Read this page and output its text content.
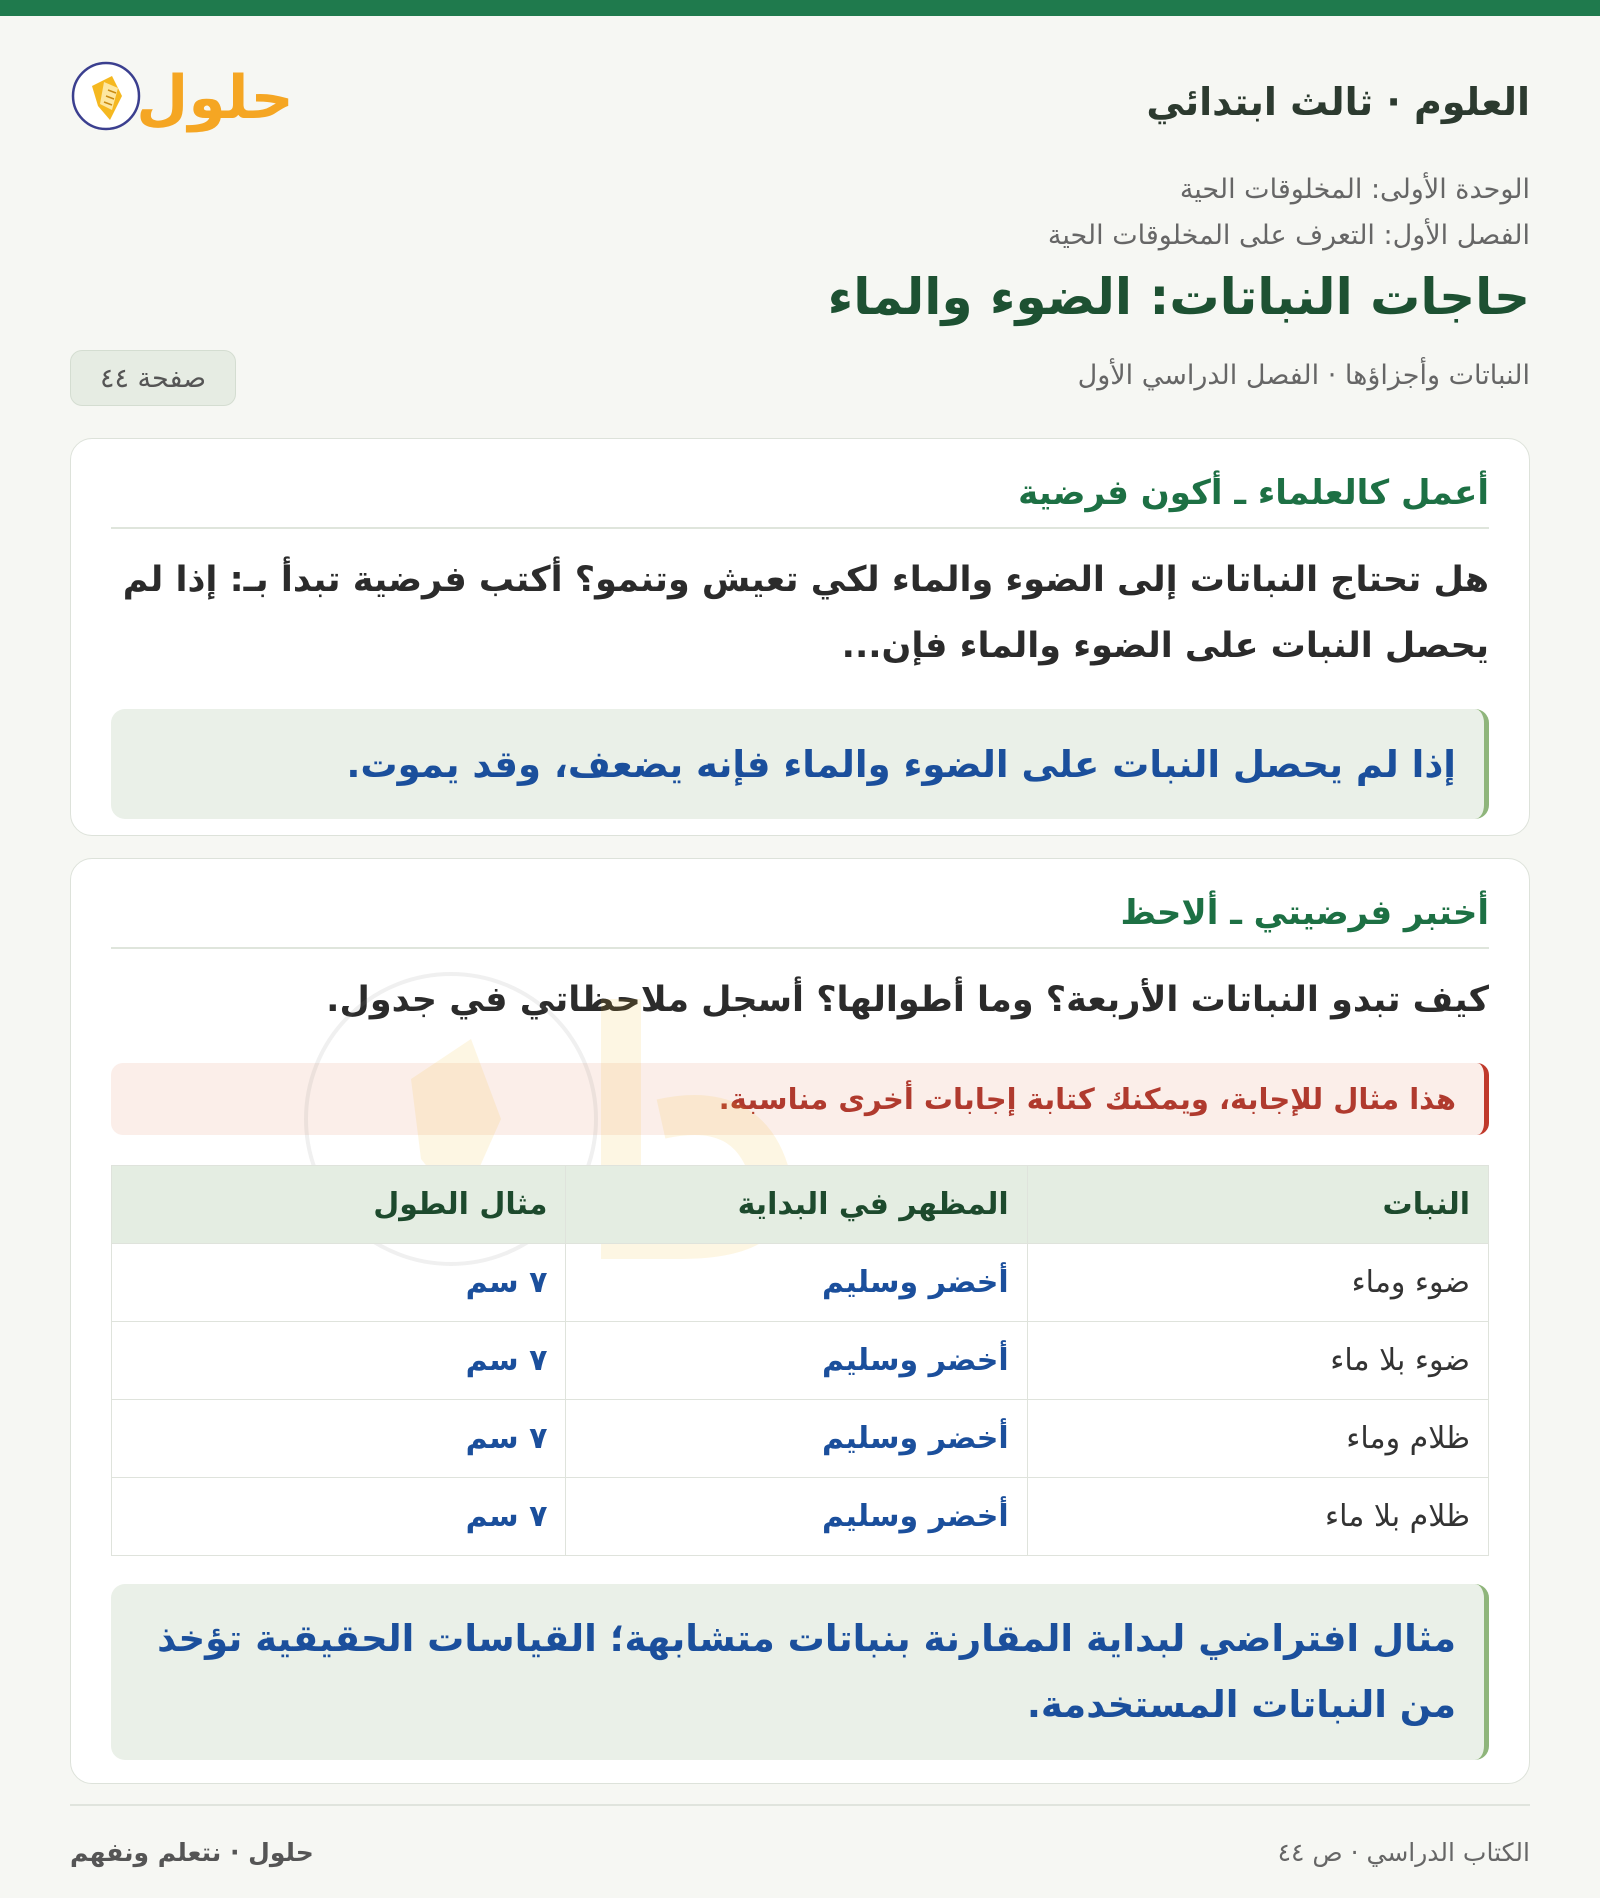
العلوم · ثالث ابتدائي
حلول
الوحدة الأولى: المخلوقات الحية
الفصل الأول: التعرف على المخلوقات الحية
حاجات النباتات: الضوء والماء
النباتات وأجزاؤها · الفصل الدراسي الأول
صفحة ٤٤
أعمل كالعلماء ـ أكون فرضية

هل تحتاج النباتات إلى الضوء والماء لكي تعيش وتنمو؟ أكتب فرضية تبدأ بـ: إذا لم يحصل النبات على الضوء والماء فإن...

إذا لم يحصل النبات على الضوء والماء فإنه يضعف، وقد يموت.
أختبر فرضيتي ـ ألاحظ

كيف تبدو النباتات الأربعة؟ وما أطوالها؟ أسجل ملاحظاتي في جدول.

هذا مثال للإجابة، ويمكنك كتابة إجابات أخرى مناسبة.
النبات	المظهر في البداية	مثال الطول
ضوء وماء	أخضر وسليم	٧ سم
ضوء بلا ماء	أخضر وسليم	٧ سم
ظلام وماء	أخضر وسليم	٧ سم
ظلام بلا ماء	أخضر وسليم	٧ سم
مثال افتراضي لبداية المقارنة بنباتات متشابهة؛ القياسات الحقيقية تؤخذ من النباتات المستخدمة.
الكتاب الدراسي · ص ٤٤
حلول · نتعلم ونفهم
